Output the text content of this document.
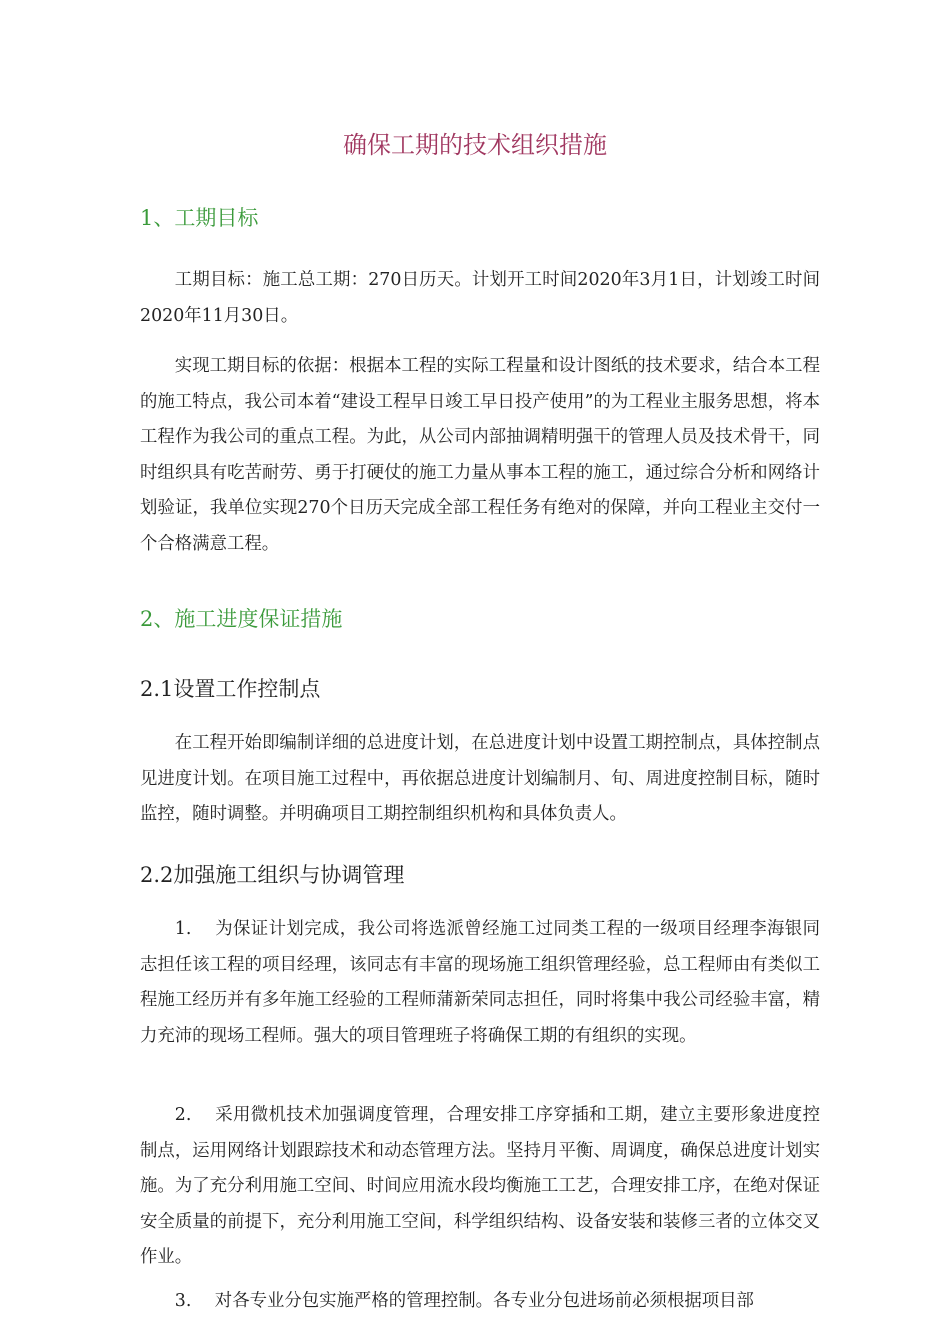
确保工期的技术组织措施
1、工期目标

工期目标：施工总工期：270日历天。计划开工时间2020年3月1日，计划竣工时间2020年11月30日。

实现工期目标的依据：根据本工程的实际工程量和设计图纸的技术要求，结合本工程的施工特点，我公司本着“建设工程早日竣工早日投产使用”的为工程业主服务思想，将本工程作为我公司的重点工程。为此，从公司内部抽调精明强干的管理人员及技术骨干，同时组织具有吃苦耐劳、勇于打硬仗的施工力量从事本工程的施工，通过综合分析和网络计划验证，我单位实现270个日历天完成全部工程任务有绝对的保障，并向工程业主交付一个合格满意工程。

2、施工进度保证措施
2.1设置工作控制点

在工程开始即编制详细的总进度计划，在总进度计划中设置工期控制点，具体控制点见进度计划。在项目施工过程中，再依据总进度计划编制月、旬、周进度控制目标，随时监控，随时调整。并明确项目工期控制组织机构和具体负责人。

2.2加强施工组织与协调管理

1. 为保证计划完成，我公司将选派曾经施工过同类工程的一级项目经理李海银同志担任该工程的项目经理，该同志有丰富的现场施工组织管理经验，总工程师由有类似工程施工经历并有多年施工经验的工程师蒲新荣同志担任，同时将集中我公司经验丰富，精力充沛的现场工程师。强大的项目管理班子将确保工期的有组织的实现。

2. 采用微机技术加强调度管理，合理安排工序穿插和工期，建立主要形象进度控制点，运用网络计划跟踪技术和动态管理方法。坚持月平衡、周调度，确保总进度计划实施。为了充分利用施工空间、时间应用流水段均衡施工工艺，合理安排工序，在绝对保证安全质量的前提下，充分利用施工空间，科学组织结构、设备安装和装修三者的立体交叉作业。

3. 对各专业分包实施严格的管理控制。各专业分包进场前必须根据项目部
